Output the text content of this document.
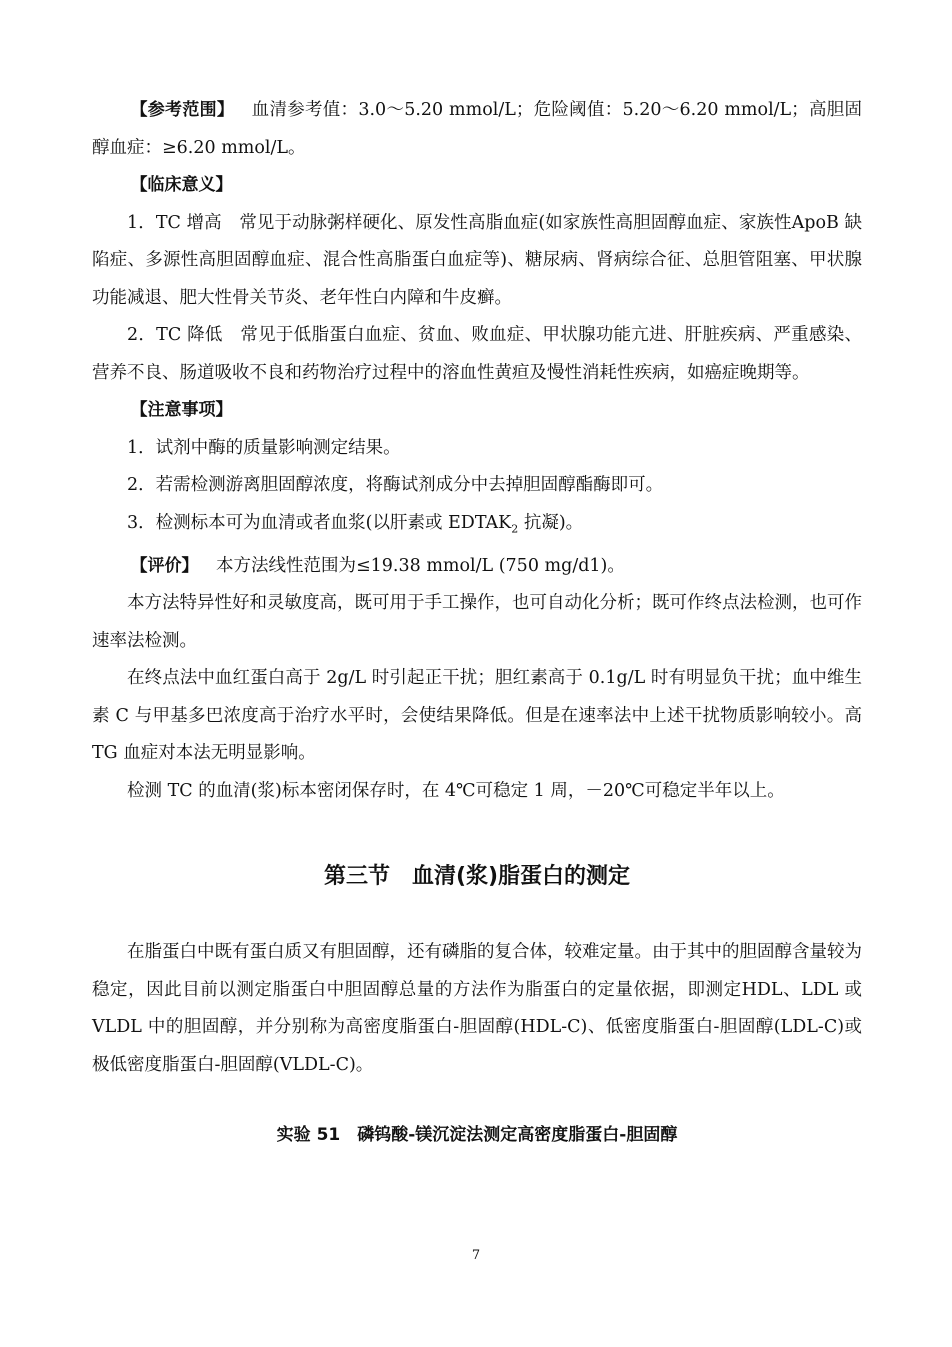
【参考范围】 血清参考值：3.0～5.20 mmol/L；危险阈值：5.20～6.20 mmol/L；高胆固醇血症：≥6.20 mmol/L。

【临床意义】

1．TC 增高　常见于动脉粥样硬化、原发性高脂血症(如家族性高胆固醇血症、家族性ApoB 缺陷症、多源性高胆固醇血症、混合性高脂蛋白血症等)、糖尿病、肾病综合征、总胆管阻塞、甲状腺功能减退、肥大性骨关节炎、老年性白内障和牛皮癣。

2．TC 降低　常见于低脂蛋白血症、贫血、败血症、甲状腺功能亢进、肝脏疾病、严重感染、营养不良、肠道吸收不良和药物治疗过程中的溶血性黄疸及慢性消耗性疾病，如癌症晚期等。

【注意事项】

1．试剂中酶的质量影响测定结果。

2．若需检测游离胆固醇浓度，将酶试剂成分中去掉胆固醇酯酶即可。

3．检测标本可为血清或者血浆(以肝素或 $EDTAK_2$ 抗凝)。

【评价】 本方法线性范围为≤19.38 mmol/L (750 mg/d1)。

本方法特异性好和灵敏度高，既可用于手工操作，也可自动化分析；既可作终点法检测，也可作速率法检测。

在终点法中血红蛋白高于 2g/L 时引起正干扰；胆红素高于 0.1g/L 时有明显负干扰；血中维生素 C 与甲基多巴浓度高于治疗水平时，会使结果降低。但是在速率法中上述干扰物质影响较小。高 TG 血症对本法无明显影响。

检测 TC 的血清(浆)标本密闭保存时，在 4℃可稳定 1 周，－20℃可稳定半年以上。

第三节　血清(浆)脂蛋白的测定

在脂蛋白中既有蛋白质又有胆固醇，还有磷脂的复合体，较难定量。由于其中的胆固醇含量较为稳定，因此目前以测定脂蛋白中胆固醇总量的方法作为脂蛋白的定量依据，即测定HDL、LDL 或 VLDL 中的胆固醇，并分别称为高密度脂蛋白-胆固醇(HDL-C)、低密度脂蛋白-胆固醇(LDL-C)或极低密度脂蛋白-胆固醇(VLDL-C)。

实验 51　磷钨酸-镁沉淀法测定高密度脂蛋白-胆固醇
7
